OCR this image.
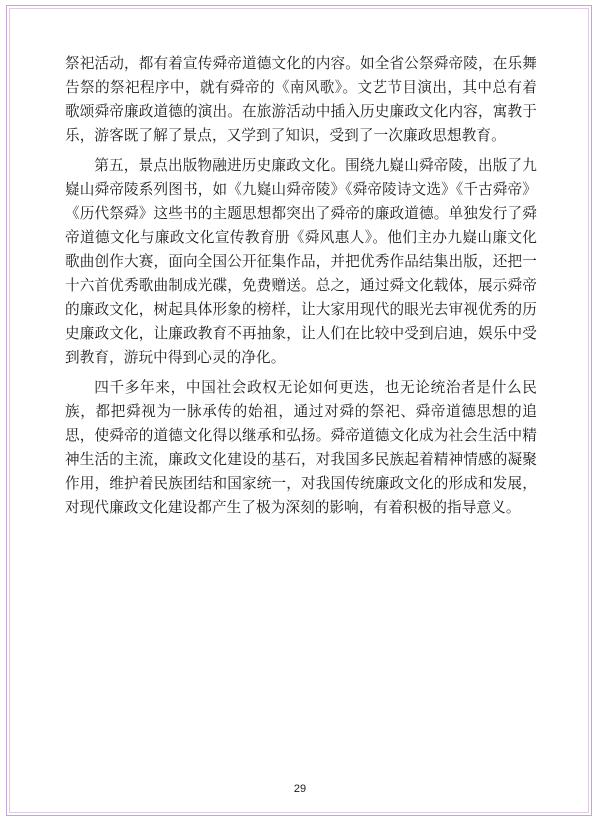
祭祀活动，都有着宣传舜帝道德文化的内容。如全省公祭舜帝陵，在乐舞告祭的祭祀程序中，就有舜帝的《南风歌》。文艺节目演出，其中总有着歌颂舜帝廉政道德的演出。在旅游活动中插入历史廉政文化内容，寓教于乐，游客既了解了景点，又学到了知识，受到了一次廉政思想教育。

第五，景点出版物融进历史廉政文化。围绕九嶷山舜帝陵，出版了九嶷山舜帝陵系列图书，如《九嶷山舜帝陵》《舜帝陵诗文选》《千古舜帝》《历代祭舜》这些书的主题思想都突出了舜帝的廉政道德。单独发行了舜帝道德文化与廉政文化宣传教育册《舜风惠人》。他们主办九嶷山廉文化歌曲创作大赛，面向全国公开征集作品，并把优秀作品结集出版，还把一十六首优秀歌曲制成光碟，免费赠送。总之，通过舜文化载体，展示舜帝的廉政文化，树起具体形象的榜样，让大家用现代的眼光去审视优秀的历史廉政文化，让廉政教育不再抽象，让人们在比较中受到启迪，娱乐中受到教育，游玩中得到心灵的净化。

四千多年来，中国社会政权无论如何更迭，也无论统治者是什么民族，都把舜视为一脉承传的始祖，通过对舜的祭祀、舜帝道德思想的追思，使舜帝的道德文化得以继承和弘扬。舜帝道德文化成为社会生活中精神生活的主流，廉政文化建设的基石，对我国多民族起着精神情感的凝聚作用，维护着民族团结和国家统一，对我国传统廉政文化的形成和发展，对现代廉政文化建设都产生了极为深刻的影响，有着积极的指导意义。

29
